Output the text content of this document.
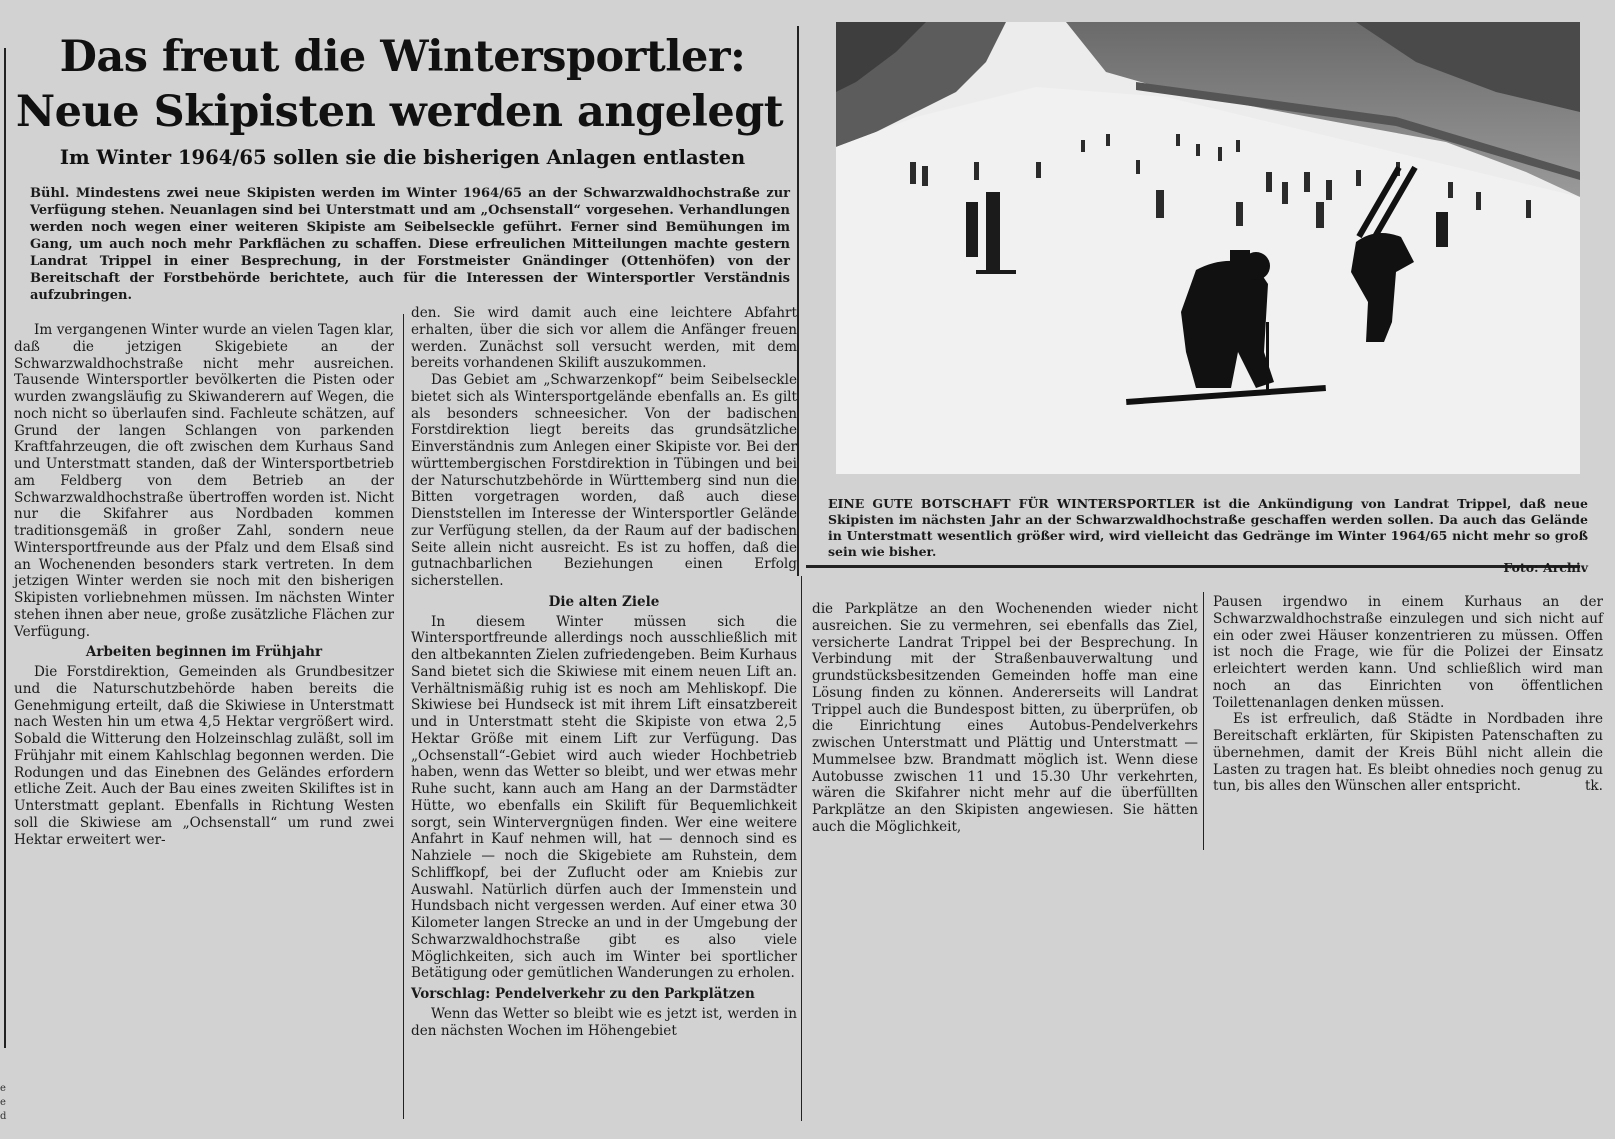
Das freut die Wintersportler:
Neue Skipisten werden angelegt
Im Winter 1964/65 sollen sie die bisherigen Anlagen entlasten
Bühl. Mindestens zwei neue Skipisten werden im Winter 1964/65 an der Schwarzwaldhochstraße zur Verfügung stehen. Neuanlagen sind bei Unterstmatt und am „Ochsenstall“ vorgesehen. Verhandlungen werden noch wegen einer weiteren Skipiste am Seibelseckle geführt. Ferner sind Bemühungen im Gang, um auch noch mehr Parkflächen zu schaffen. Diese erfreulichen Mitteilungen machte gestern Landrat Trippel in einer Besprechung, in der Forstmeister Gnändinger (Ottenhöfen) von der Bereitschaft der Forstbehörde berichtete, auch für die Interessen der Wintersportler Verständnis aufzubringen.

Im vergangenen Winter wurde an vielen Tagen klar, daß die jetzigen Skigebiete an der Schwarzwaldhochstraße nicht mehr ausreichen. Tausende Wintersportler bevölkerten die Pisten oder wurden zwangsläufig zu Skiwanderern auf Wegen, die noch nicht so überlaufen sind. Fachleute schätzen, auf Grund der langen Schlangen von parkenden Kraftfahrzeugen, die oft zwischen dem Kurhaus Sand und Unterstmatt standen, daß der Wintersportbetrieb am Feldberg von dem Betrieb an der Schwarzwaldhochstraße übertroffen worden ist. Nicht nur die Skifahrer aus Nordbaden kommen traditionsgemäß in großer Zahl, sondern neue Wintersportfreunde aus der Pfalz und dem Elsaß sind an Wochenenden besonders stark vertreten. In dem jetzigen Winter werden sie noch mit den bisherigen Skipisten vorliebnehmen müssen. Im nächsten Winter stehen ihnen aber neue, große zusätzliche Flächen zur Verfügung.

Arbeiten beginnen im Frühjahr

Die Forstdirektion, Gemeinden als Grundbesitzer und die Naturschutzbehörde haben bereits die Genehmigung erteilt, daß die Skiwiese in Unterstmatt nach Westen hin um etwa 4,5 Hektar vergrößert wird. Sobald die Witterung den Holzeinschlag zuläßt, soll im Frühjahr mit einem Kahlschlag begonnen werden. Die Rodungen und das Einebnen des Geländes erfordern etliche Zeit. Auch der Bau eines zweiten Skiliftes ist in Unterstmatt geplant. Ebenfalls in Richtung Westen soll die Skiwiese am „Ochsenstall“ um rund zwei Hektar erweitert wer-

den. Sie wird damit auch eine leichtere Abfahrt erhalten, über die sich vor allem die Anfänger freuen werden. Zunächst soll versucht werden, mit dem bereits vorhandenen Skilift auszukommen.

Das Gebiet am „Schwarzenkopf“ beim Seibelseckle bietet sich als Wintersportgelände ebenfalls an. Es gilt als besonders schneesicher. Von der badischen Forstdirektion liegt bereits das grundsätzliche Einverständnis zum Anlegen einer Skipiste vor. Bei der württembergischen Forstdirektion in Tübingen und bei der Naturschutzbehörde in Württemberg sind nun die Bitten vorgetragen worden, daß auch diese Dienststellen im Interesse der Wintersportler Gelände zur Verfügung stellen, da der Raum auf der badischen Seite allein nicht ausreicht. Es ist zu hoffen, daß die gutnachbarlichen Beziehungen einen Erfolg sicherstellen.

Die alten Ziele

In diesem Winter müssen sich die Wintersportfreunde allerdings noch ausschließlich mit den altbekannten Zielen zufriedengeben. Beim Kurhaus Sand bietet sich die Skiwiese mit einem neuen Lift an. Verhältnismäßig ruhig ist es noch am Mehliskopf. Die Skiwiese bei Hundseck ist mit ihrem Lift einsatzbereit und in Unterstmatt steht die Skipiste von etwa 2,5 Hektar Größe mit einem Lift zur Verfügung. Das „Ochsenstall“-Gebiet wird auch wieder Hochbetrieb haben, wenn das Wetter so bleibt, und wer etwas mehr Ruhe sucht, kann auch am Hang an der Darmstädter Hütte, wo ebenfalls ein Skilift für Bequemlichkeit sorgt, sein Wintervergnügen finden. Wer eine weitere Anfahrt in Kauf nehmen will, hat — dennoch sind es Nahziele — noch die Skigebiete am Ruhstein, dem Schliffkopf, bei der Zuflucht oder am Kniebis zur Auswahl. Natürlich dürfen auch der Immenstein und Hundsbach nicht vergessen werden. Auf einer etwa 30 Kilometer langen Strecke an und in der Umgebung der Schwarzwaldhochstraße gibt es also viele Möglichkeiten, sich auch im Winter bei sportlicher Betätigung oder gemütlichen Wanderungen zu erholen.

Vorschlag: Pendelverkehr zu den Parkplätzen

Wenn das Wetter so bleibt wie es jetzt ist, werden in den nächsten Wochen im Höhengebiet

die Parkplätze an den Wochenenden wieder nicht ausreichen. Sie zu vermehren, sei ebenfalls das Ziel, versicherte Landrat Trippel bei der Besprechung. In Verbindung mit der Straßenbauverwaltung und grundstücksbesitzenden Gemeinden hoffe man eine Lösung finden zu können. Andererseits will Landrat Trippel auch die Bundespost bitten, zu überprüfen, ob die Einrichtung eines Autobus-Pendelverkehrs zwischen Unterstmatt und Plättig und Unterstmatt — Mummelsee bzw. Brandmatt möglich ist. Wenn diese Autobusse zwischen 11 und 15.30 Uhr verkehrten, wären die Skifahrer nicht mehr auf die überfüllten Parkplätze an den Skipisten angewiesen. Sie hätten auch die Möglichkeit,

Pausen irgendwo in einem Kurhaus an der Schwarzwaldhochstraße einzulegen und sich nicht auf ein oder zwei Häuser konzentrieren zu müssen. Offen ist noch die Frage, wie für die Polizei der Einsatz erleichtert werden kann. Und schließlich wird man noch an das Einrichten von öffentlichen Toilettenanlagen denken müssen.

Es ist erfreulich, daß Städte in Nordbaden ihre Bereitschaft erklärten, für Skipisten Patenschaften zu übernehmen, damit der Kreis Bühl nicht allein die Lasten zu tragen hat. Es bleibt ohnedies noch genug zu tun, bis alles den Wünschen aller entspricht.	tk.

EINE GUTE BOTSCHAFT FÜR WINTERSPORTLER ist die Ankündigung von Landrat Trippel, daß neue Skipisten im nächsten Jahr an der Schwarzwaldhochstraße geschaffen werden sollen. Da auch das Gelände in Unterstmatt wesentlich größer wird, wird vielleicht das Gedränge im Winter 1964/65 nicht mehr so groß sein wie bisher.
Foto: Archiv
e
e
d
